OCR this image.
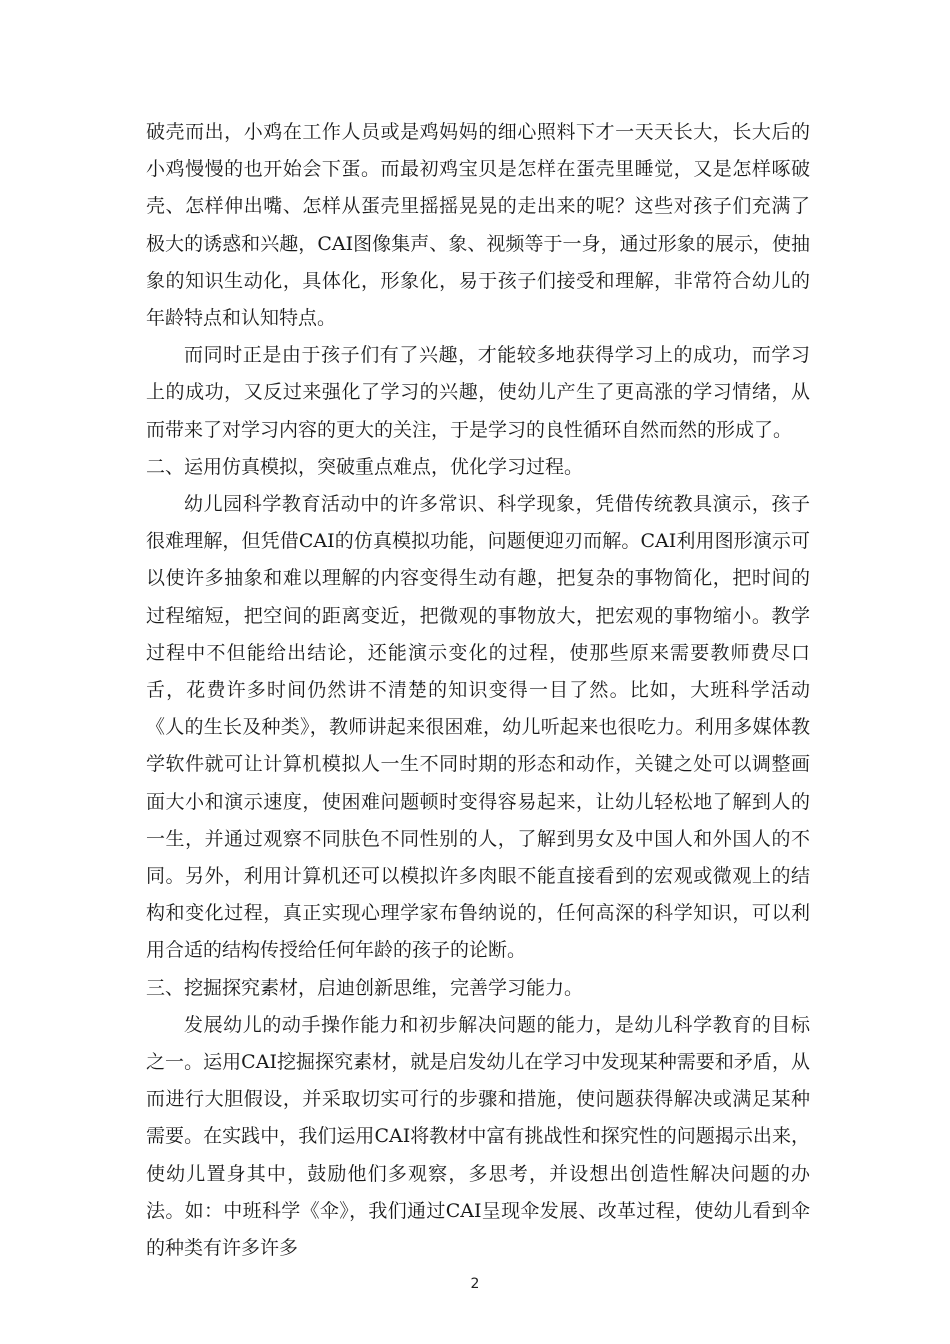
破壳而出，小鸡在工作人员或是鸡妈妈的细心照料下才一天天长大，长大后的小鸡慢慢的也开始会下蛋。而最初鸡宝贝是怎样在蛋壳里睡觉，又是怎样啄破壳、怎样伸出嘴、怎样从蛋壳里摇摇晃晃的走出来的呢？这些对孩子们充满了极大的诱惑和兴趣，CAI图像集声、象、视频等于一身，通过形象的展示，使抽象的知识生动化，具体化，形象化，易于孩子们接受和理解，非常符合幼儿的年龄特点和认知特点。

而同时正是由于孩子们有了兴趣，才能较多地获得学习上的成功，而学习上的成功，又反过来强化了学习的兴趣，使幼儿产生了更高涨的学习情绪，从而带来了对学习内容的更大的关注，于是学习的良性循环自然而然的形成了。

二、运用仿真模拟，突破重点难点，优化学习过程。

幼儿园科学教育活动中的许多常识、科学现象，凭借传统教具演示，孩子很难理解，但凭借CAI的仿真模拟功能，问题便迎刃而解。CAI利用图形演示可以使许多抽象和难以理解的内容变得生动有趣，把复杂的事物简化，把时间的过程缩短，把空间的距离变近，把微观的事物放大，把宏观的事物缩小。教学过程中不但能给出结论，还能演示变化的过程，使那些原来需要教师费尽口舌，花费许多时间仍然讲不清楚的知识变得一目了然。比如，大班科学活动《人的生长及种类》，教师讲起来很困难，幼儿听起来也很吃力。利用多媒体教学软件就可让计算机模拟人一生不同时期的形态和动作，关键之处可以调整画面大小和演示速度，使困难问题顿时变得容易起来，让幼儿轻松地了解到人的一生，并通过观察不同肤色不同性别的人，了解到男女及中国人和外国人的不同。另外，利用计算机还可以模拟许多肉眼不能直接看到的宏观或微观上的结构和变化过程，真正实现心理学家布鲁纳说的，任何高深的科学知识，可以利用合适的结构传授给任何年龄的孩子的论断。

三、挖掘探究素材，启迪创新思维，完善学习能力。

发展幼儿的动手操作能力和初步解决问题的能力，是幼儿科学教育的目标之一。运用CAI挖掘探究素材，就是启发幼儿在学习中发现某种需要和矛盾，从而进行大胆假设，并采取切实可行的步骤和措施，使问题获得解决或满足某种需要。在实践中，我们运用CAI将教材中富有挑战性和探究性的问题揭示出来，使幼儿置身其中，鼓励他们多观察，多思考，并设想出创造性解决问题的办法。如：中班科学《伞》，我们通过CAI呈现伞发展、改革过程，使幼儿看到伞的种类有许多许多

2
